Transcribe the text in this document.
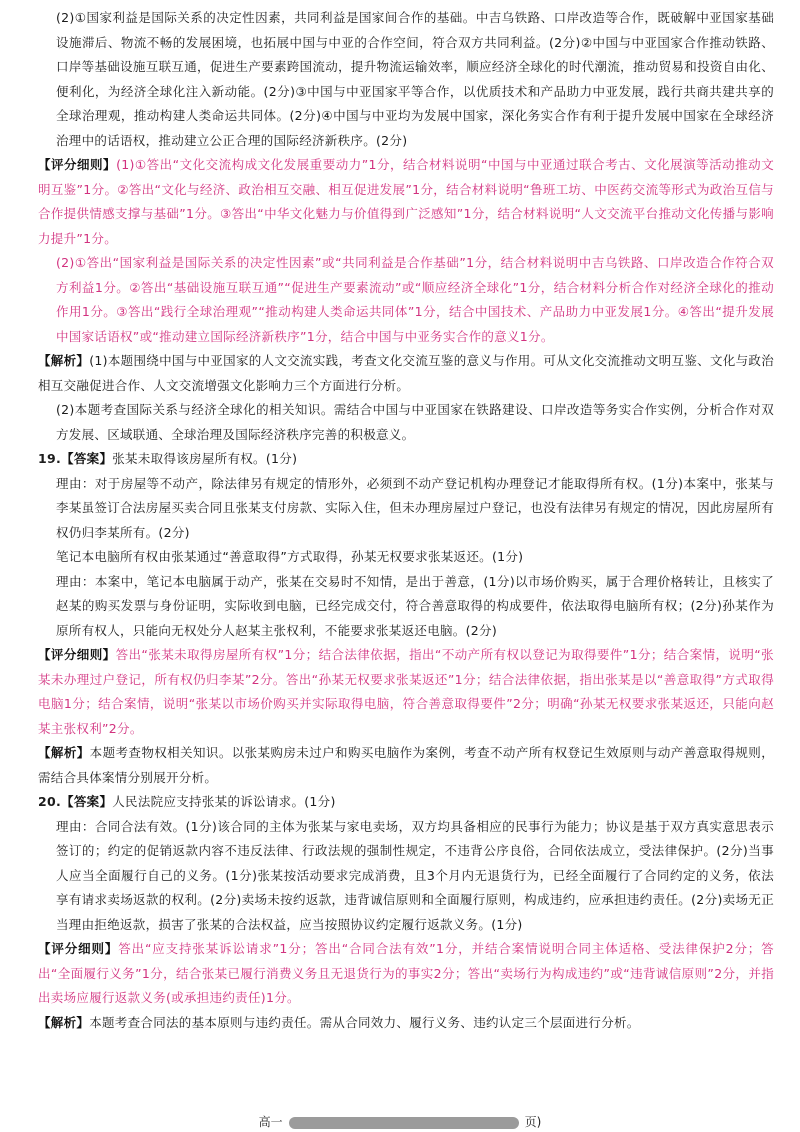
(2)①国家利益是国际关系的决定性因素，共同利益是国家间合作的基础。中吉乌铁路、口岸改造等合作，既破解中亚国家基础设施滞后、物流不畅的发展困境，也拓展中国与中亚的合作空间，符合双方共同利益。(2分)②中国与中亚国家合作推动铁路、口岸等基础设施互联互通，促进生产要素跨国流动，提升物流运输效率，顺应经济全球化的时代潮流，推动贸易和投资自由化、便利化，为经济全球化注入新动能。(2分)③中国与中亚国家平等合作，以优质技术和产品助力中亚发展，践行共商共建共享的全球治理观，推动构建人类命运共同体。(2分)④中国与中亚均为发展中国家，深化务实合作有利于提升发展中国家在全球经济治理中的话语权，推动建立公正合理的国际经济新秩序。(2分)

【评分细则】(1)①答出“文化交流构成文化发展重要动力”1分，结合材料说明“中国与中亚通过联合考古、文化展演等活动推动文明互鉴”1分。②答出“文化与经济、政治相互交融、相互促进发展”1分，结合材料说明“鲁班工坊、中医药交流等形式为政治互信与合作提供情感支撑与基础”1分。③答出“中华文化魅力与价值得到广泛感知”1分，结合材料说明“人文交流平台推动文化传播与影响力提升”1分。

(2)①答出“国家利益是国际关系的决定性因素”或“共同利益是合作基础”1分，结合材料说明中吉乌铁路、口岸改造合作符合双方利益1分。②答出“基础设施互联互通”“促进生产要素流动”或“顺应经济全球化”1分，结合材料分析合作对经济全球化的推动作用1分。③答出“践行全球治理观”“推动构建人类命运共同体”1分，结合中国技术、产品助力中亚发展1分。④答出“提升发展中国家话语权”或“推动建立国际经济新秩序”1分，结合中国与中亚务实合作的意义1分。

【解析】(1)本题围绕中国与中亚国家的人文交流实践，考查文化交流互鉴的意义与作用。可从文化交流推动文明互鉴、文化与政治相互交融促进合作、人文交流增强文化影响力三个方面进行分析。

(2)本题考查国际关系与经济全球化的相关知识。需结合中国与中亚国家在铁路建设、口岸改造等务实合作实例，分析合作对双方发展、区域联通、全球治理及国际经济秩序完善的积极意义。

19.【答案】张某未取得该房屋所有权。(1分)

理由：对于房屋等不动产，除法律另有规定的情形外，必须到不动产登记机构办理登记才能取得所有权。(1分)本案中，张某与李某虽签订合法房屋买卖合同且张某支付房款、实际入住，但未办理房屋过户登记，也没有法律另有规定的情况，因此房屋所有权仍归李某所有。(2分)

笔记本电脑所有权由张某通过“善意取得”方式取得，孙某无权要求张某返还。(1分)

理由：本案中，笔记本电脑属于动产，张某在交易时不知情，是出于善意，(1分)以市场价购买，属于合理价格转让，且核实了赵某的购买发票与身份证明，实际收到电脑，已经完成交付，符合善意取得的构成要件，依法取得电脑所有权；(2分)孙某作为原所有权人，只能向无权处分人赵某主张权利，不能要求张某返还电脑。(2分)

【评分细则】答出“张某未取得房屋所有权”1分；结合法律依据，指出“不动产所有权以登记为取得要件”1分；结合案情，说明“张某未办理过户登记，所有权仍归李某”2分。答出“孙某无权要求张某返还”1分；结合法律依据，指出张某是以“善意取得”方式取得电脑1分；结合案情，说明“张某以市场价购买并实际取得电脑，符合善意取得要件”2分；明确“孙某无权要求张某返还，只能向赵某主张权利”2分。

【解析】本题考查物权相关知识。以张某购房未过户和购买电脑作为案例，考查不动产所有权登记生效原则与动产善意取得规则，需结合具体案情分别展开分析。

20.【答案】人民法院应支持张某的诉讼请求。(1分)

理由：合同合法有效。(1分)该合同的主体为张某与家电卖场，双方均具备相应的民事行为能力；协议是基于双方真实意思表示签订的；约定的促销返款内容不违反法律、行政法规的强制性规定，不违背公序良俗，合同依法成立，受法律保护。(2分)当事人应当全面履行自己的义务。(1分)张某按活动要求完成消费，且3个月内无退货行为，已经全面履行了合同约定的义务，依法享有请求卖场返款的权利。(2分)卖场未按约返款，违背诚信原则和全面履行原则，构成违约，应承担违约责任。(2分)卖场无正当理由拒绝返款，损害了张某的合法权益，应当按照协议约定履行返款义务。(1分)

【评分细则】答出“应支持张某诉讼请求”1分；答出“合同合法有效”1分，并结合案情说明合同主体适格、受法律保护2分；答出“全面履行义务”1分，结合张某已履行消费义务且无退货行为的事实2分；答出“卖场行为构成违约”或“违背诚信原则”2分，并指出卖场应履行返款义务(或承担违约责任)1分。

【解析】本题考查合同法的基本原则与违约责任。需从合同效力、履行义务、违约认定三个层面进行分析。

高一	页)
